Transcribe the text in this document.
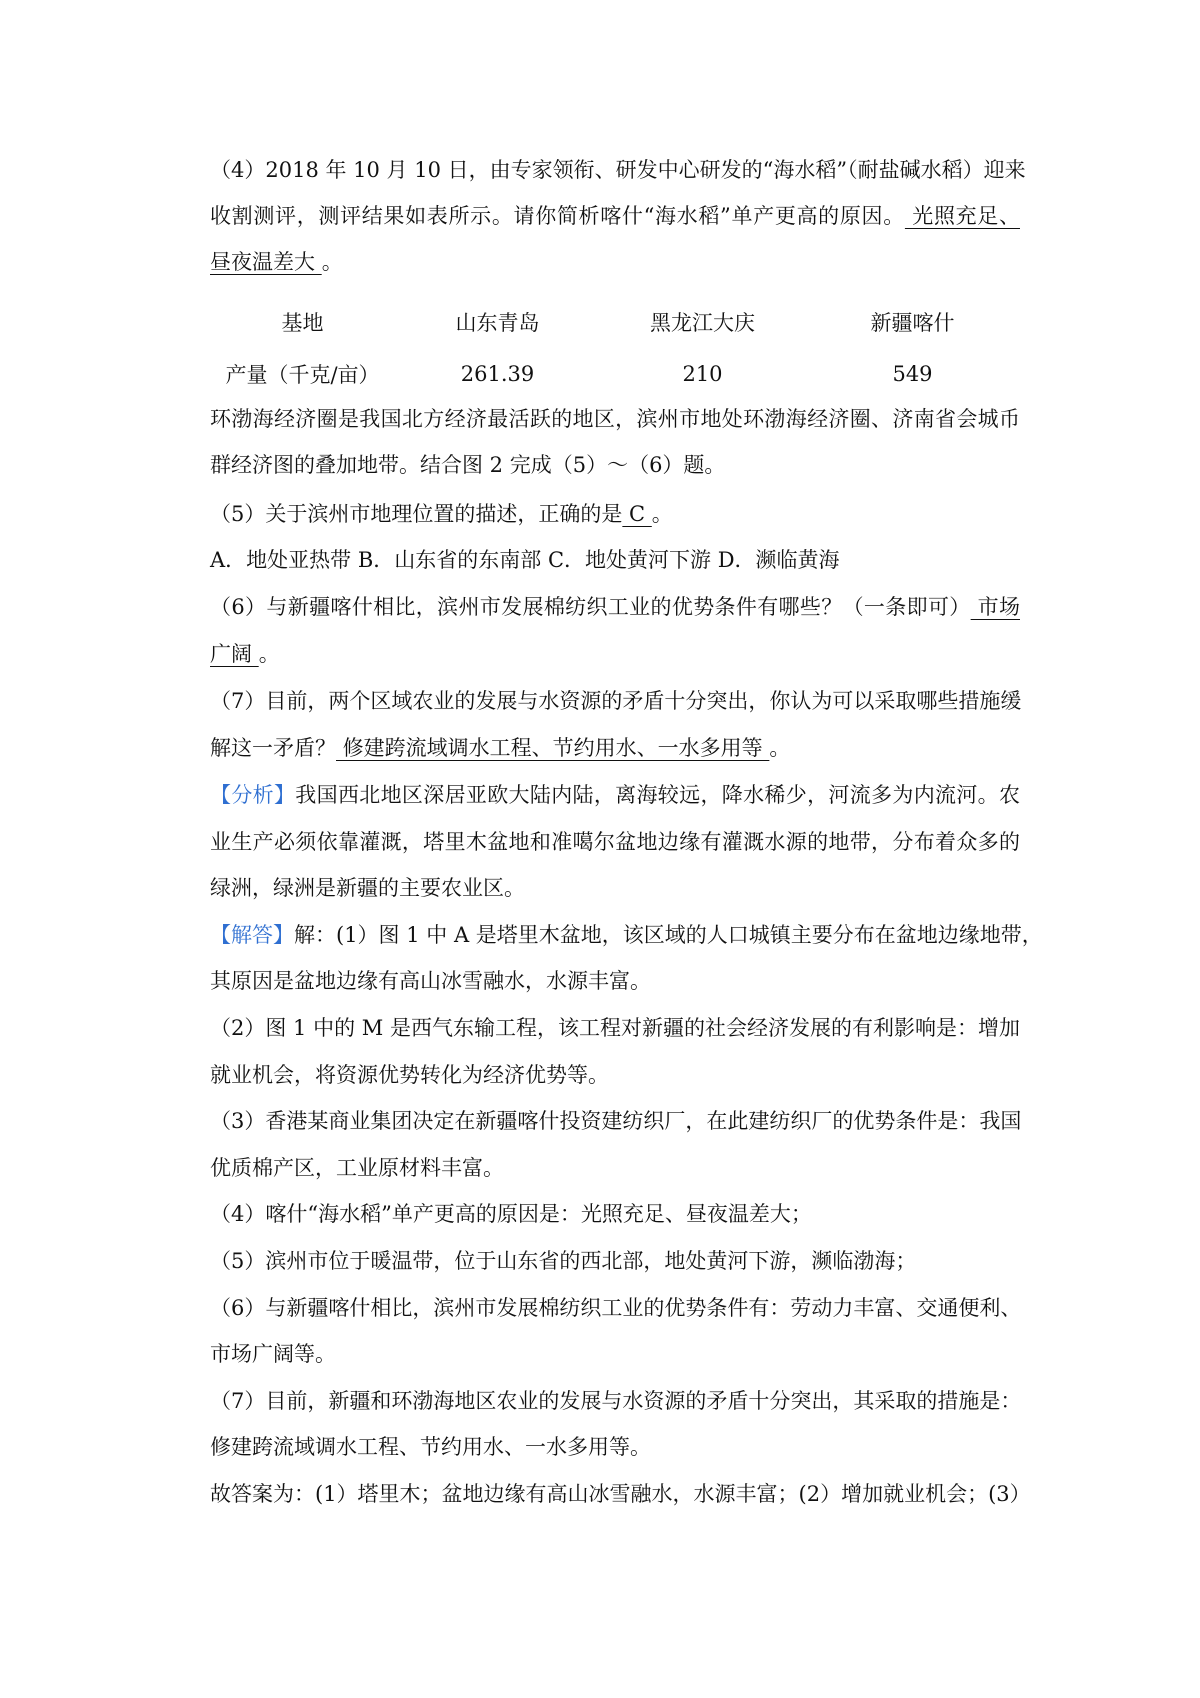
（4）2018 年 10 月 10 日，由专家领衔、研发中心研发的“海水稻”（耐盐碱水稻）迎来
收割测评，测评结果如表所示。请你简析喀什“海水稻”单产更高的原因。 光照充足、
昼夜温差大 。
基地	山东青岛	黑龙江大庆	新疆喀什
产量（千克/亩）	261.39	210	549
环渤海经济圈是我国北方经济最活跃的地区，滨州市地处环渤海经济圈、济南省会城币
群经济图的叠加地带。结合图 2 完成（5）～（6）题。
（5）关于滨州市地理位置的描述，正确的是 C 。
A．地处亚热带 B．山东省的东南部 C．地处黄河下游 D．濒临黄海
（6）与新疆喀什相比，滨州市发展棉纺织工业的优势条件有哪些？（一条即可） 市场
广阔 。
（7）目前，两个区域农业的发展与水资源的矛盾十分突出，你认为可以采取哪些措施缓
解这一矛盾？ 修建跨流域调水工程、节约用水、一水多用等 。
【分析】我国西北地区深居亚欧大陆内陆，离海较远，降水稀少，河流多为内流河。农
业生产必须依靠灌溉，塔里木盆地和准噶尔盆地边缘有灌溉水源的地带，分布着众多的
绿洲，绿洲是新疆的主要农业区。
【解答】解：(1）图 1 中 A 是塔里木盆地，该区域的人口城镇主要分布在盆地边缘地带，
其原因是盆地边缘有高山冰雪融水，水源丰富。
（2）图 1 中的 M 是西气东输工程，该工程对新疆的社会经济发展的有利影响是：增加
就业机会，将资源优势转化为经济优势等。
（3）香港某商业集团决定在新疆喀什投资建纺织厂，在此建纺织厂的优势条件是：我国
优质棉产区，工业原材料丰富。
（4）喀什“海水稻”单产更高的原因是：光照充足、昼夜温差大；
（5）滨州市位于暖温带，位于山东省的西北部，地处黄河下游，濒临渤海；
（6）与新疆喀什相比，滨州市发展棉纺织工业的优势条件有：劳动力丰富、交通便利、
市场广阔等。
（7）目前，新疆和环渤海地区农业的发展与水资源的矛盾十分突出，其采取的措施是：
修建跨流域调水工程、节约用水、一水多用等。
故答案为：(1）塔里木；盆地边缘有高山冰雪融水，水源丰富；(2）增加就业机会；(3）
